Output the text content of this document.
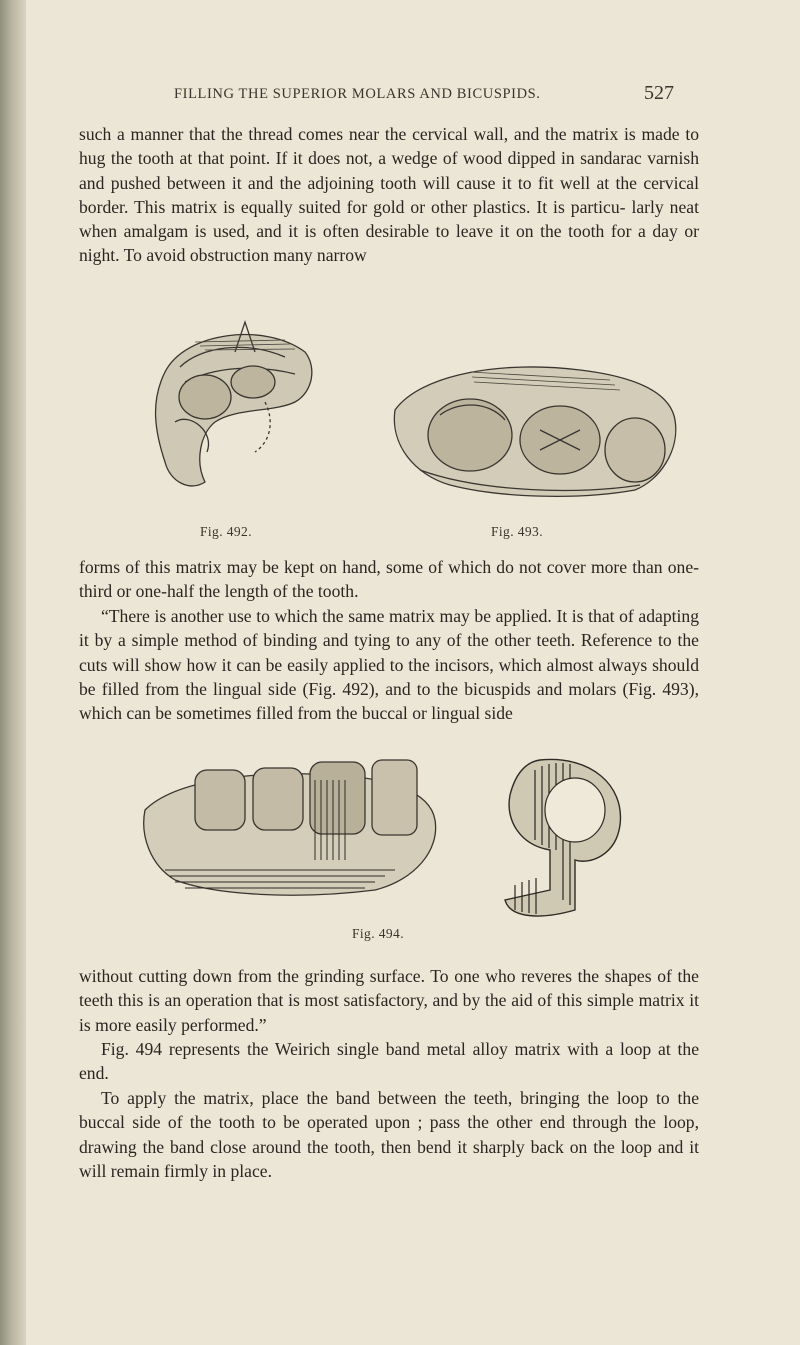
FILLING THE SUPERIOR MOLARS AND BICUSPIDS.	527

such a manner that the thread comes near the cervical wall, and the matrix is made to hug the tooth at that point. If it does not, a wedge of wood dipped in sandarac varnish and pushed between it and the adjoining tooth will cause it to fit well at the cervical border. This matrix is equally suited for gold or other plastics. It is particu- larly neat when amalgam is used, and it is often desirable to leave it on the tooth for a day or night. To avoid obstruction many narrow

Fig. 492.	Fig. 493.

forms of this matrix may be kept on hand, some of which do not cover more than one-third or one-half the length of the tooth.

“There is another use to which the same matrix may be applied. It is that of adapting it by a simple method of binding and tying to any of the other teeth. Reference to the cuts will show how it can be easily applied to the incisors, which almost always should be filled from the lingual side (Fig. 492), and to the bicuspids and molars (Fig. 493), which can be sometimes filled from the buccal or lingual side

Fig. 494.

without cutting down from the grinding surface. To one who reveres the shapes of the teeth this is an operation that is most satisfactory, and by the aid of this simple matrix it is more easily performed.”

Fig. 494 represents the Weirich single band metal alloy matrix with a loop at the end.

To apply the matrix, place the band between the teeth, bringing the loop to the buccal side of the tooth to be operated upon ; pass the other end through the loop, drawing the band close around the tooth, then bend it sharply back on the loop and it will remain firmly in place.
